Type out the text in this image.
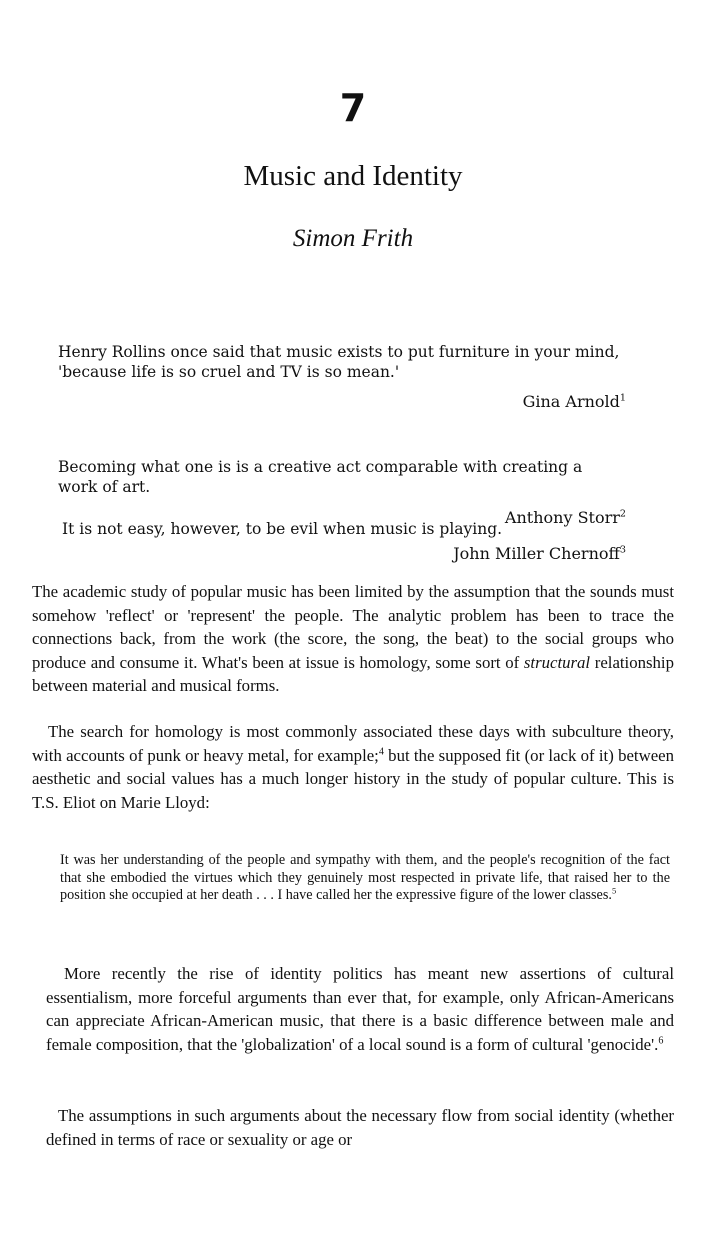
7
Music and Identity
Simon Frith

Henry Rollins once said that music exists to put furniture in your mind, 'because life is so cruel and TV is so mean.'

Gina Arnold$^1$

Becoming what one is is a creative act comparable with creating a work of art.

Anthony Storr$^2$

It is not easy, however, to be evil when music is playing.

John Miller Chernoff$^3$

The academic study of popular music has been limited by the assumption that the sounds must somehow 'reflect' or 'represent' the people. The analytic problem has been to trace the connections back, from the work (the score, the song, the beat) to the social groups who produce and consume it. What's been at issue is homology, some sort of structural relationship between material and musical forms.

The search for homology is most commonly associated these days with subculture theory, with accounts of punk or heavy metal, for example;$^4$ but the supposed fit (or lack of it) between aesthetic and social values has a much longer history in the study of popular culture. This is T.S. Eliot on Marie Lloyd:

It was her understanding of the people and sympathy with them, and the people's recognition of the fact that she embodied the virtues which they genuinely most respected in private life, that raised her to the position she occupied at her death . . . I have called her the expressive figure of the lower classes.$^5$

More recently the rise of identity politics has meant new assertions of cultural essentialism, more forceful arguments than ever that, for example, only African-Americans can appreciate African-American music, that there is a basic difference between male and female composition, that the 'globalization' of a local sound is a form of cultural 'genocide'.$^6$

The assumptions in such arguments about the necessary flow from social identity (whether defined in terms of race or sexuality or age or
